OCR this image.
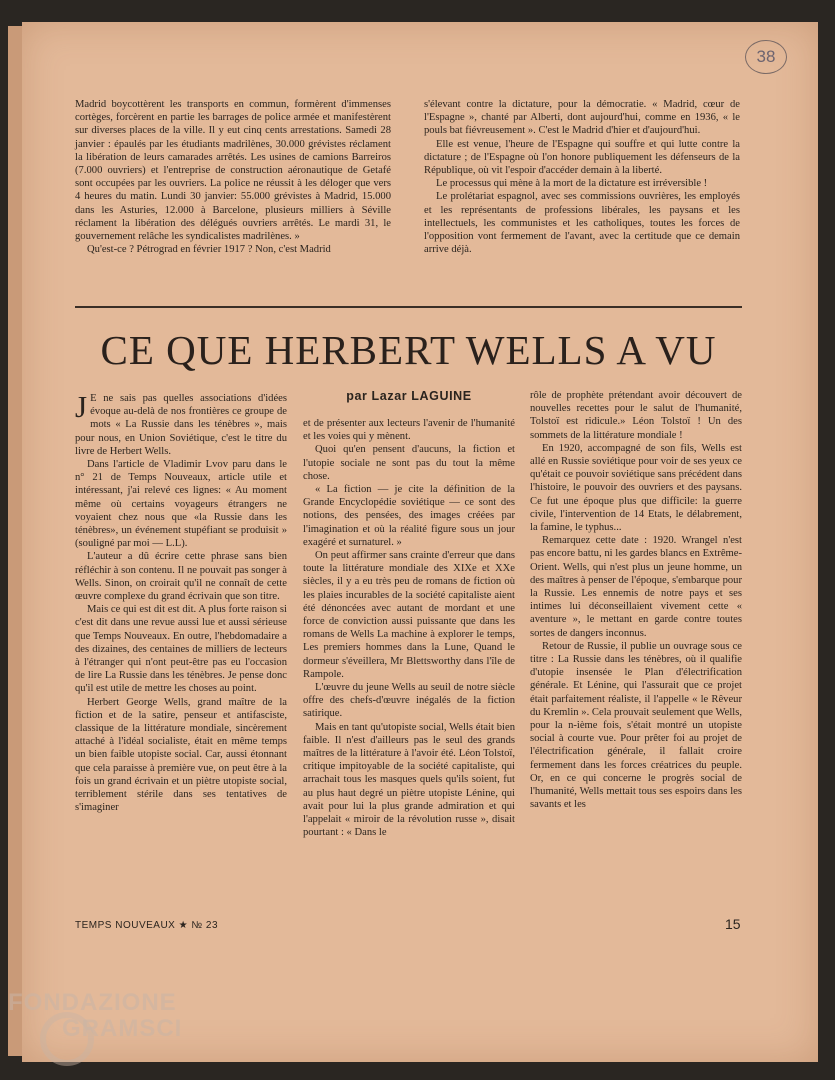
38

Madrid boycottèrent les transports en commun, formèrent d'immenses cortèges, forcèrent en partie les barrages de police armée et manifestèrent sur diverses places de la ville. Il y eut cinq cents arrestations. Samedi 28 janvier : épaulés par les étudiants madrilènes, 30.000 grévistes réclament la libération de leurs camarades arrêtés. Les usines de camions Barreiros (7.000 ouvriers) et l'entreprise de construction aéronautique de Getafé sont occupées par les ouvriers. La police ne réussit à les déloger que vers 4 heures du matin. Lundi 30 janvier: 55.000 grévistes à Madrid, 15.000 dans les Asturies, 12.000 à Barcelone, plusieurs milliers à Séville réclament la libération des délégués ouvriers arrêtés. Le mardi 31, le gouvernement relâche les syndicalistes madrilènes. »

Qu'est-ce ? Pétrograd en février 1917 ? Non, c'est Madrid

s'élevant contre la dictature, pour la démocratie. « Madrid, cœur de l'Espagne », chanté par Alberti, dont aujourd'hui, comme en 1936, « le pouls bat fiévreusement ». C'est le Madrid d'hier et d'aujourd'hui.

Elle est venue, l'heure de l'Espagne qui souffre et qui lutte contre la dictature ; de l'Espagne où l'on honore publiquement les défenseurs de la République, où vit l'espoir d'accéder demain à la liberté.

Le processus qui mène à la mort de la dictature est irréversible !

Le prolétariat espagnol, avec ses commissions ouvrières, les employés et les représentants de professions libérales, les paysans et les intellectuels, les communistes et les catholiques, toutes les forces de l'opposition vont fermement de l'avant, avec la certitude que ce demain arrive déjà.

CE QUE HERBERT WELLS A VU
par Lazar LAGUINE

J E ne sais pas quelles associations d'idées évoque au-delà de nos frontières ce groupe de mots « La Russie dans les ténèbres », mais pour nous, en Union Soviétique, c'est le titre du livre de Herbert Wells.

Dans l'article de Vladimir Lvov paru dans le n° 21 de Temps Nouveaux, article utile et intéressant, j'ai relevé ces lignes: « Au moment même où certains voyageurs étrangers ne voyaient chez nous que «la Russie dans les ténèbres», un événement stupéfiant se produisit » (souligné par moi — L.L).

L'auteur a dû écrire cette phrase sans bien réfléchir à son contenu. Il ne pouvait pas songer à Wells. Sinon, on croirait qu'il ne connaît de cette œuvre complexe du grand écrivain que son titre.

Mais ce qui est dit est dit. A plus forte raison si c'est dit dans une revue aussi lue et aussi sérieuse que Temps Nouveaux. En outre, l'hebdomadaire a des dizaines, des centaines de milliers de lecteurs à l'étranger qui n'ont peut-être pas eu l'occasion de lire La Russie dans les ténèbres. Je pense donc qu'il est utile de mettre les choses au point.

Herbert George Wells, grand maître de la fiction et de la satire, penseur et antifasciste, classique de la littérature mondiale, sincèrement attaché à l'idéal socialiste, était en même temps un bien faible utopiste social. Car, aussi étonnant que cela paraisse à première vue, on peut être à la fois un grand écrivain et un piètre utopiste social, terriblement stérile dans ses tentatives de s'imaginer

et de présenter aux lecteurs l'avenir de l'humanité et les voies qui y mènent.

Quoi qu'en pensent d'aucuns, la fiction et l'utopie sociale ne sont pas du tout la même chose.

« La fiction — je cite la définition de la Grande Encyclopédie soviétique — ce sont des notions, des pensées, des images créées par l'imagination et où la réalité figure sous un jour exagéré et surnaturel. »

On peut affirmer sans crainte d'erreur que dans toute la littérature mondiale des XIXe et XXe siècles, il y a eu très peu de romans de fiction où les plaies incurables de la société capitaliste aient été dénoncées avec autant de mordant et une force de conviction aussi puissante que dans les romans de Wells La machine à explorer le temps, Les premiers hommes dans la Lune, Quand le dormeur s'éveillera, Mr Blettsworthy dans l'île de Rampole.

L'œuvre du jeune Wells au seuil de notre siècle offre des chefs-d'œuvre inégalés de la fiction satirique.

Mais en tant qu'utopiste social, Wells était bien faible. Il n'est d'ailleurs pas le seul des grands maîtres de la littérature à l'avoir été. Léon Tolstoï, critique impitoyable de la société capitaliste, qui arrachait tous les masques quels qu'ils soient, fut au plus haut degré un piètre utopiste Lénine, qui avait pour lui la plus grande admiration et qui l'appelait « miroir de la révolution russe », disait pourtant : « Dans le

rôle de prophète prétendant avoir découvert de nouvelles recettes pour le salut de l'humanité, Tolstoï est ridicule.» Léon Tolstoï ! Un des sommets de la littérature mondiale !

En 1920, accompagné de son fils, Wells est allé en Russie soviétique pour voir de ses yeux ce qu'était ce pouvoir soviétique sans précédent dans l'histoire, le pouvoir des ouvriers et des paysans. Ce fut une époque plus que difficile: la guerre civile, l'intervention de 14 Etats, le délabrement, la famine, le typhus...

Remarquez cette date : 1920. Wrangel n'est pas encore battu, ni les gardes blancs en Extrême-Orient. Wells, qui n'est plus un jeune homme, un des maîtres à penser de l'époque, s'embarque pour la Russie. Les ennemis de notre pays et ses intimes lui déconseillaient vivement cette « aventure », le mettant en garde contre toutes sortes de dangers inconnus.

Retour de Russie, il publie un ouvrage sous ce titre : La Russie dans les ténèbres, où il qualifie d'utopie insensée le Plan d'électrification générale. Et Lénine, qui l'assurait que ce projet était parfaitement réaliste, il l'appelle « le Rêveur du Kremlin ». Cela prouvait seulement que Wells, pour la n-ième fois, s'était montré un utopiste social à courte vue. Pour prêter foi au projet de l'électrification générale, il fallait croire fermement dans les forces créatrices du peuple. Or, en ce qui concerne le progrès social de l'humanité, Wells mettait tous ses espoirs dans les savants et les

TEMPS NOUVEAUX ★ № 23	15
FONDAZIONE
GRAMSCI
